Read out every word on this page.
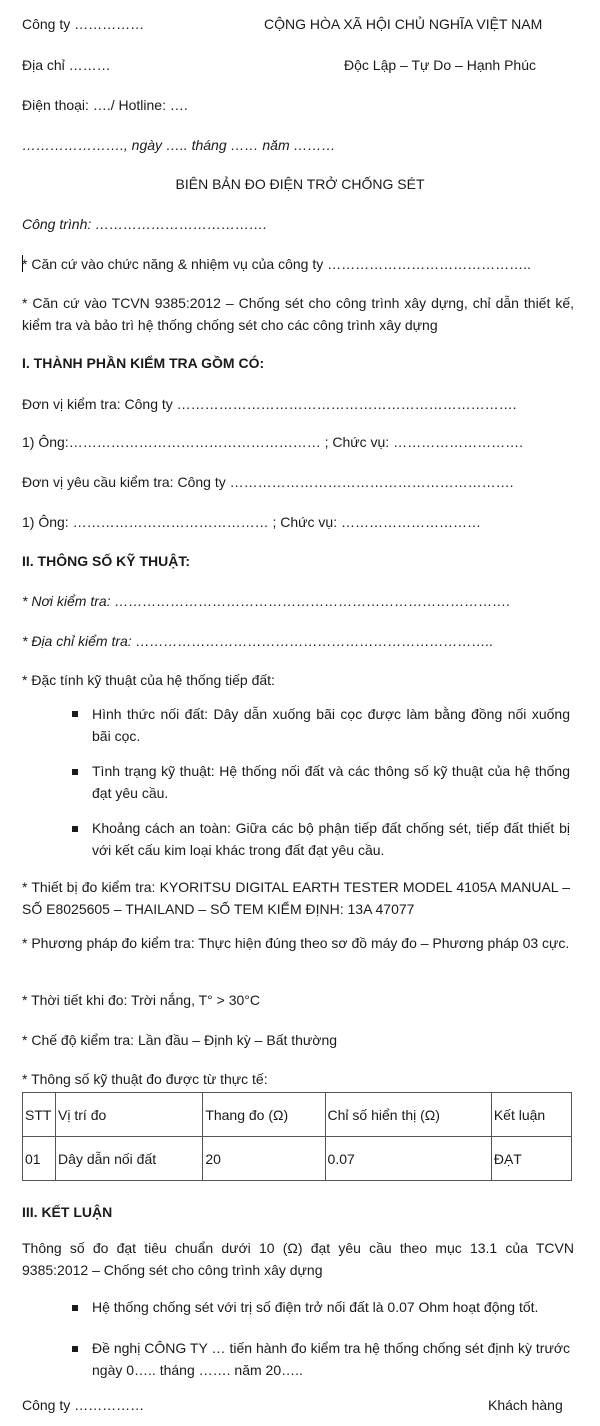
Công ty ……………	CỘNG HÒA XÃ HỘI CHỦ NGHĨA VIỆT NAM
Địa chỉ ………	Độc Lập – Tự Do – Hạnh Phúc
Điện thoại: …./ Hotline: ….
…………………., ngày ….. tháng …… năm ………
BIÊN BẢN ĐO ĐIỆN TRỞ CHỐNG SÉT
Công trình: ……………………………….
* Căn cứ vào chức năng & nhiệm vụ của công ty ……………………………………..
* Căn cứ vào TCVN 9385:2012 – Chống sét cho công trình xây dựng, chỉ dẫn thiết kế, kiểm tra và bảo trì hệ thống chống sét cho các công trình xây dựng
I. THÀNH PHẦN KIỂM TRA GỒM CÓ:
Đơn vị kiểm tra: Công ty ……………………………………………………………….
1) Ông:……………………………………………… ; Chức vụ: ……………………….
Đơn vị yêu cầu kiểm tra: Công ty …………………………………………………….
1) Ông: …………………………………… ; Chức vụ: …………………………
II. THÔNG SỐ KỸ THUẬT:
* Nơi kiểm tra: ………………………………………………………………………….
* Địa chỉ kiểm tra: …………………………………………………………………..
* Đặc tính kỹ thuật của hệ thống tiếp đất:
Hình thức nối đất: Dây dẫn xuống bãi cọc được làm bằng đồng nối xuống bãi cọc.
Tình trạng kỹ thuật: Hệ thống nối đất và các thông số kỹ thuật của hệ thống đạt yêu cầu.
Khoảng cách an toàn: Giữa các bộ phận tiếp đất chống sét, tiếp đất thiết bị với kết cấu kim loại khác trong đất đạt yêu cầu.
* Thiết bị đo kiểm tra: KYORITSU DIGITAL EARTH TESTER MODEL 4105A MANUAL – SỐ E8025605 – THAILAND – SỐ TEM KIỂM ĐỊNH: 13A 47077
* Phương pháp đo kiểm tra: Thực hiện đúng theo sơ đồ máy đo – Phương pháp 03 cực.
* Thời tiết khi đo: Trời nắng, T° > 30°C
* Chế độ kiểm tra: Lần đầu – Định kỳ – Bất thường
* Thông số kỹ thuật đo được từ thực tế:
STT	Vị trí đo	Thang đo (Ω)	Chỉ số hiển thị (Ω)	Kết luận
01	Dây dẫn nối đất	20	0.07	ĐẠT
III. KẾT LUẬN
Thông số đo đạt tiêu chuẩn dưới 10 (Ω) đạt yêu cầu theo mục 13.1 của TCVN 9385:2012 – Chống sét cho công trình xây dựng
Hệ thống chống sét với trị số điện trở nối đất là 0.07 Ohm hoạt động tốt.
Đề nghị CÔNG TY … tiến hành đo kiểm tra hệ thống chống sét định kỳ trước ngày 0….. tháng ……. năm 20…..
Công ty ……………	Khách hàng
